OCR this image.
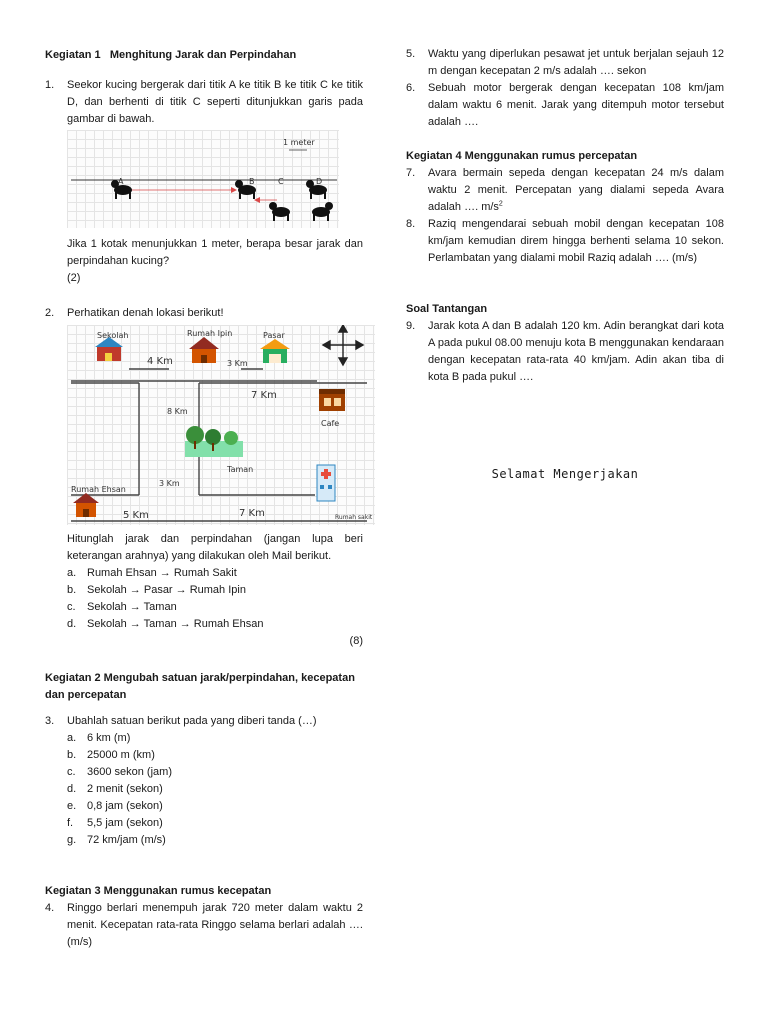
Kegiatan 1 Menghitung Jarak dan Perpindahan

1.	Seekor kucing bergerak dari titik A ke titik B ke titik C ke titik D, dan berhenti di titik C seperti ditunjukkan garis pada gambar di bawah.
1 meter
A	B	C	D
Jika 1 kotak menunjukkan 1 meter, berapa besar jarak dan perpindahan kucing?
(2)
2.	Perhatikan denah lokasi berikut!
Sekolah	Rumah Ipin	Pasar
4 Km	3 Km
7 Km
Cafe
8 Km
Taman
3 Km
Rumah Ehsan
5 Km	7 Km	Rumah sakit
Hitunglah jarak dan perpindahan (jangan lupa beri keterangan arahnya) yang dilakukan oleh Mail berikut.
a. Rumah Ehsan → Rumah Sakit
b. Sekolah → Pasar → Rumah Ipin
c.	Sekolah → Taman
d. Sekolah → Taman → Rumah Ehsan
(8)

Kegiatan 2 Mengubah satuan jarak/perpindahan, kecepatan dan percepatan

3.	Ubahlah satuan berikut pada yang diberi tanda (…)
a. 6 km (m)
b. 25000 m (km)
c.	3600 sekon (jam)
d. 2 menit (sekon)
e. 0,8 jam (sekon)
f.	5,5 jam (sekon)
g. 72 km/jam (m/s)

Kegiatan 3 Menggunakan rumus kecepatan

4.	Ringgo berlari menempuh jarak 720 meter dalam waktu 2 menit. Kecepatan rata-rata Ringgo selama berlari adalah …. (m/s)
5.	Waktu yang diperlukan pesawat jet untuk berjalan sejauh 12 m dengan kecepatan 2 m/s adalah …. sekon
6.	Sebuah motor bergerak dengan kecepatan 108 km/jam dalam waktu 6 menit. Jarak yang ditempuh motor tersebut adalah ….

Kegiatan 4 Menggunakan rumus percepatan

7.	Avara bermain sepeda dengan kecepatan 24 m/s dalam waktu 2 menit. Percepatan yang dialami sepeda Avara adalah …. $m/s^2$
8.	Raziq mengendarai sebuah mobil dengan kecepatan 108 km/jam kemudian direm hingga berhenti selama 10 sekon. Perlambatan yang dialami mobil Raziq adalah …. (m/s)

Soal Tantangan

9.	Jarak kota A dan B adalah 120 km. Adin berangkat dari kota A pada pukul 08.00 menuju kota B menggunakan kendaraan dengan kecepatan rata-rata 40 km/jam. Adin akan tiba di kota B pada pukul ….
Selamat Mengerjakan
